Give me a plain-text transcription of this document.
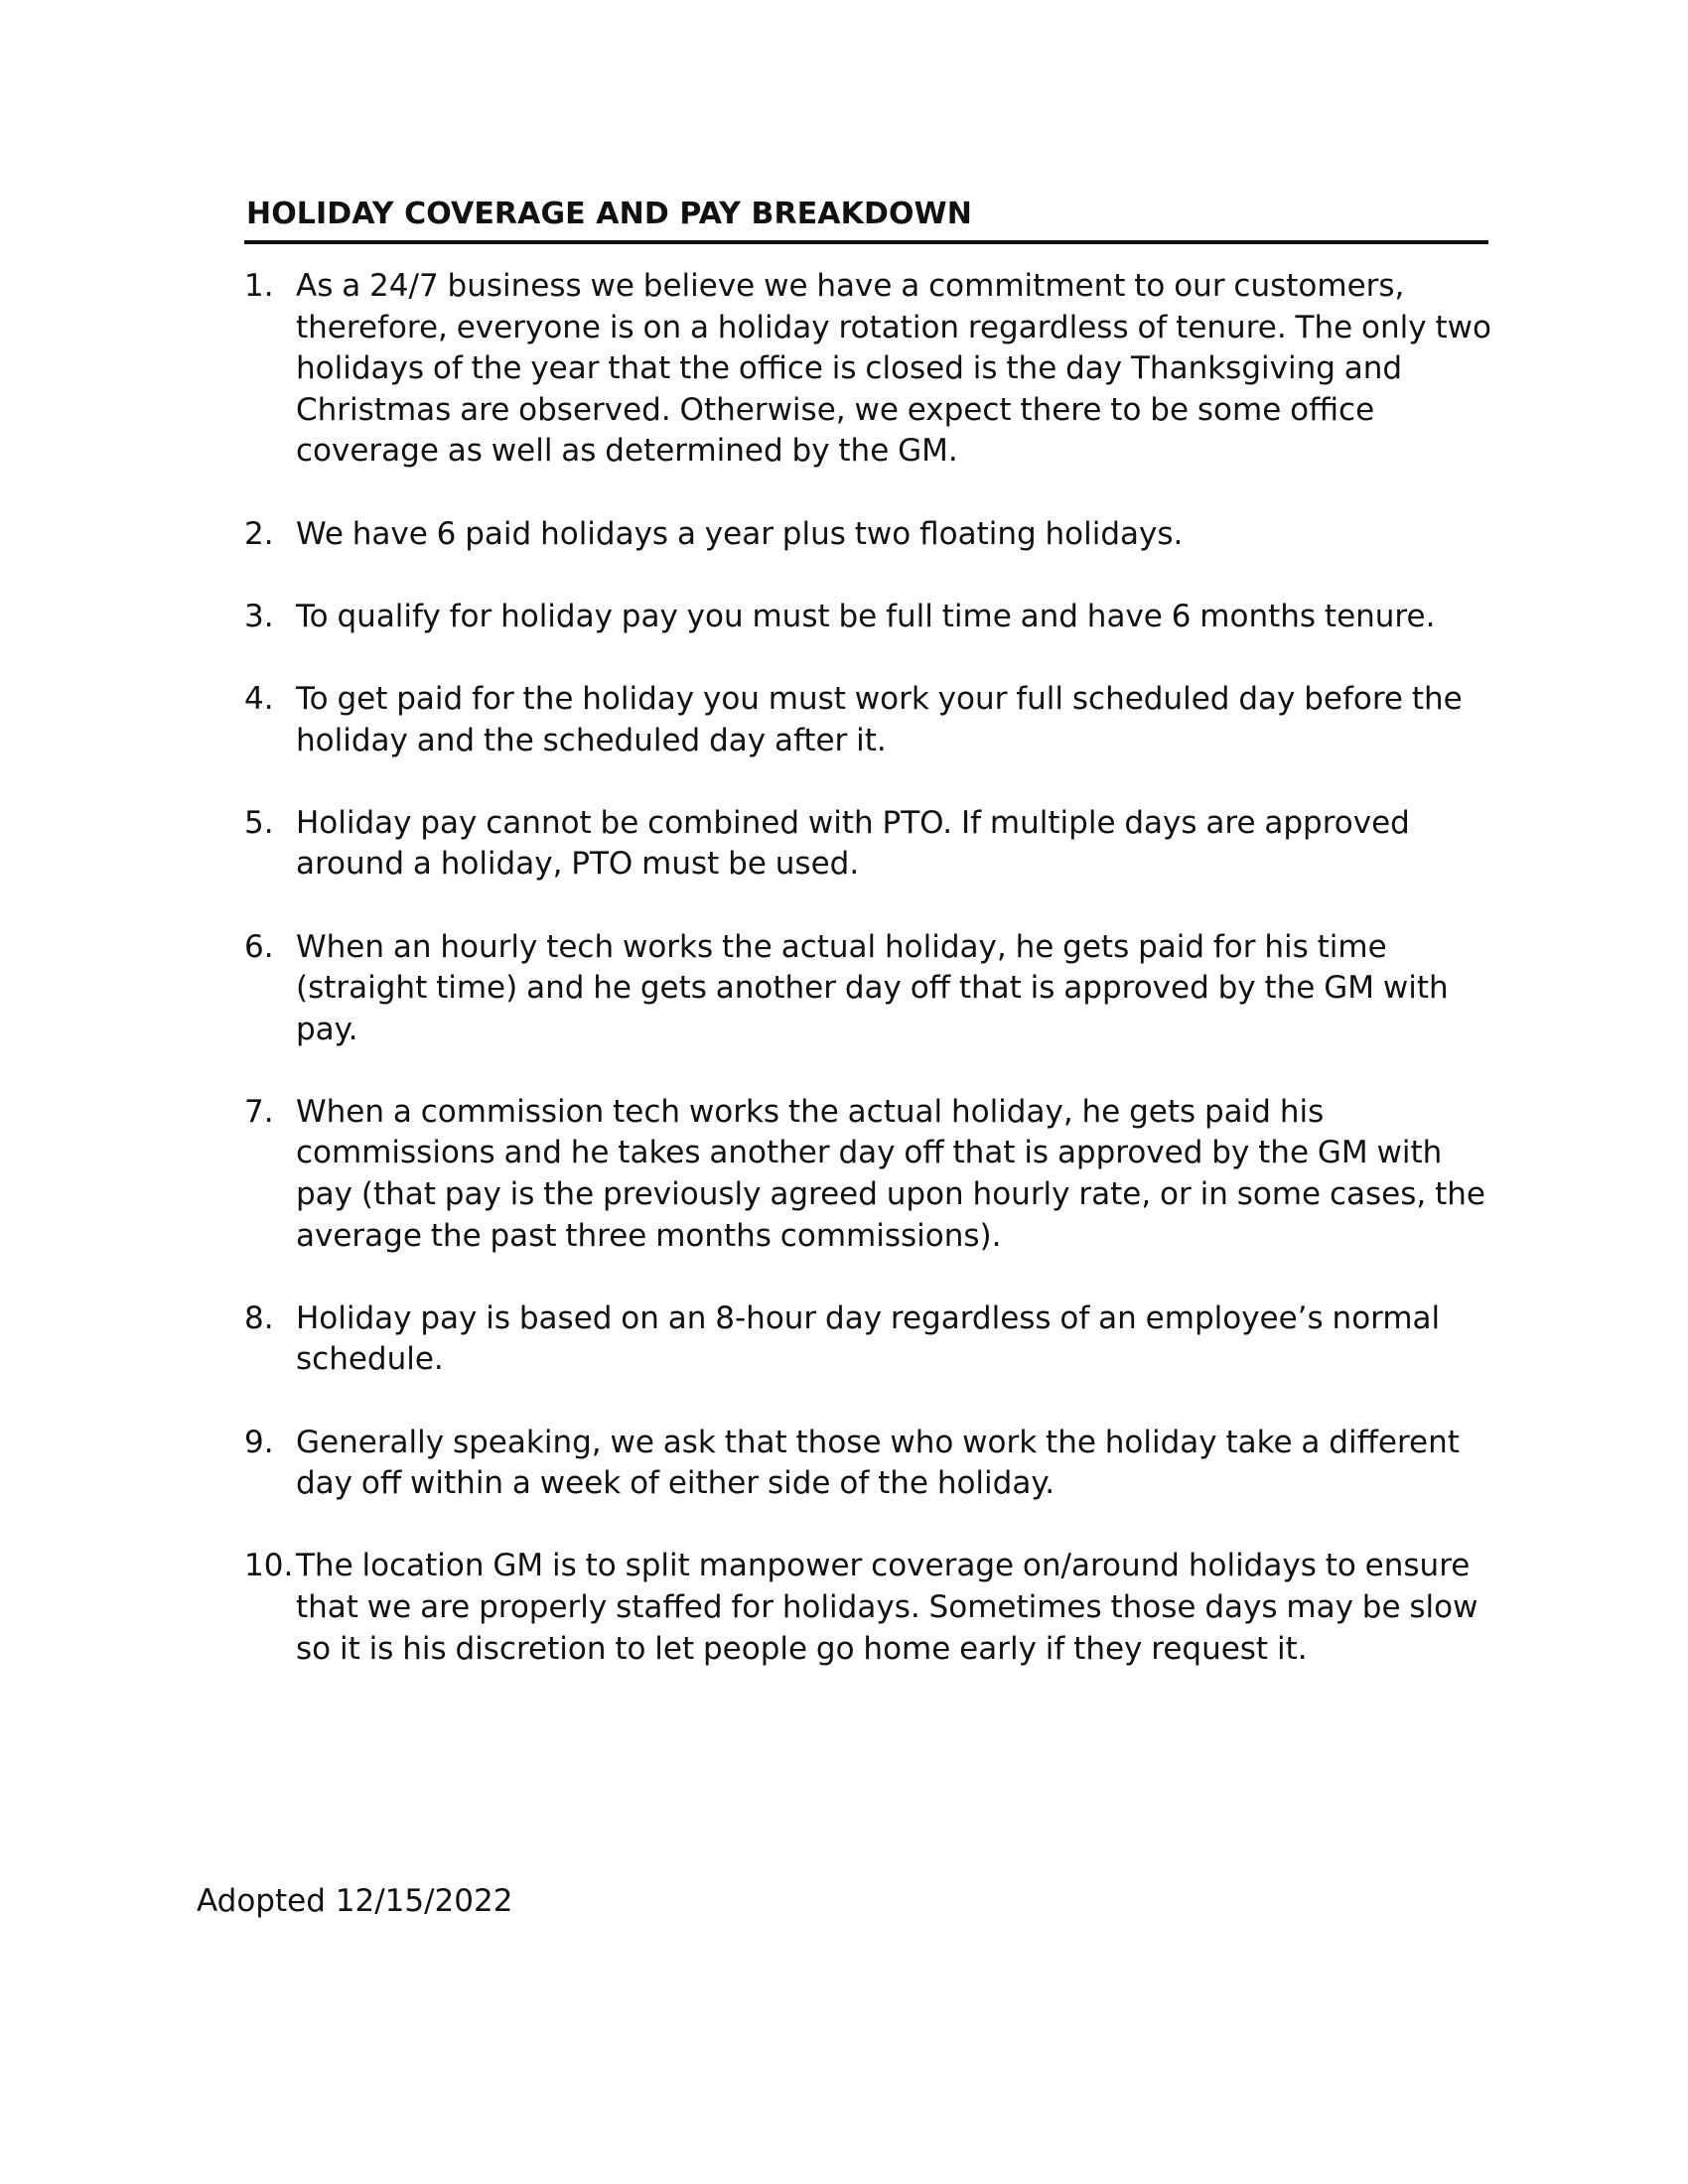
HOLIDAY COVERAGE AND PAY BREAKDOWN
1. As a 24/7 business we believe we have a commitment to our customers, therefore, everyone is on a holiday rotation regardless of tenure. The only two holidays of the year that the office is closed is the day Thanksgiving and Christmas are observed. Otherwise, we expect there to be some office coverage as well as determined by the GM.
2. We have 6 paid holidays a year plus two floating holidays.
3. To qualify for holiday pay you must be full time and have 6 months tenure.
4. To get paid for the holiday you must work your full scheduled day before the holiday and the scheduled day after it.
5. Holiday pay cannot be combined with PTO. If multiple days are approved around a holiday, PTO must be used.
6. When an hourly tech works the actual holiday, he gets paid for his time (straight time) and he gets another day off that is approved by the GM with pay.
7. When a commission tech works the actual holiday, he gets paid his commissions and he takes another day off that is approved by the GM with pay (that pay is the previously agreed upon hourly rate, or in some cases, the average the past three months commissions).
8. Holiday pay is based on an 8-hour day regardless of an employee’s normal schedule.
9. Generally speaking, we ask that those who work the holiday take a different day off within a week of either side of the holiday.
10. The location GM is to split manpower coverage on/around holidays to ensure that we are properly staffed for holidays. Sometimes those days may be slow so it is his discretion to let people go home early if they request it.
Adopted 12/15/2022
